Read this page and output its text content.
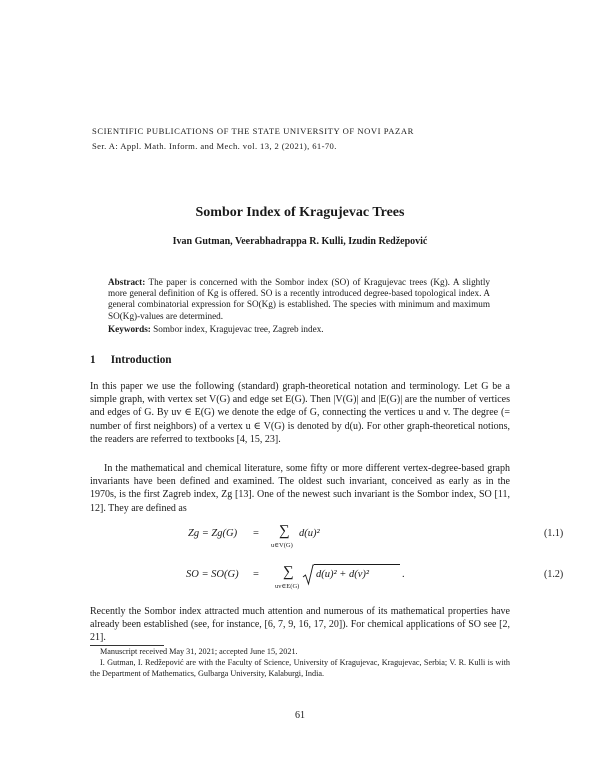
SCIENTIFIC PUBLICATIONS OF THE STATE UNIVERSITY OF NOVI PAZAR
Ser. A: Appl. Math. Inform. and Mech. vol. 13, 2 (2021), 61-70.
Sombor Index of Kragujevac Trees
Ivan Gutman, Veerabhadrappa R. Kulli, Izudin Redžepović
Abstract: The paper is concerned with the Sombor index (SO) of Kragujevac trees (Kg). A slightly more general definition of Kg is offered. SO is a recently introduced degree-based topological index. A general combinatorial expression for SO(Kg) is established. The species with minimum and maximum SO(Kg)-values are determined.
Keywords: Sombor index, Kragujevac tree, Zagreb index.
1 Introduction
In this paper we use the following (standard) graph-theoretical notation and terminology. Let G be a simple graph, with vertex set V(G) and edge set E(G). Then |V(G)| and |E(G)| are the number of vertices and edges of G. By uv ∈ E(G) we denote the edge of G, connecting the vertices u and v. The degree (= number of first neighbors) of a vertex u ∈ V(G) is denoted by d(u). For other graph-theoretical notions, the readers are referred to textbooks [4, 15, 23].
In the mathematical and chemical literature, some fifty or more different vertex-degree-based graph invariants have been defined and examined. The oldest such invariant, conceived as early as in the 1970s, is the first Zagreb index, Zg [13]. One of the newest such invariant is the Sombor index, SO [11, 12]. They are defined as
Zg = Zg(G) = ∑
u∈V(G)
d(u)²	(1.1)
SO = SO(G) = ∑
uv∈E(G)
d(u)² + d(v)²	.	(1.2)
Recently the Sombor index attracted much attention and numerous of its mathematical properties have already been established (see, for instance, [6, 7, 9, 16, 17, 20]). For chemical applications of SO see [2, 21].
Manuscript received May 31, 2021; accepted June 15, 2021.
I. Gutman, I. Redžepović are with the Faculty of Science, University of Kragujevac, Kragujevac, Serbia; V. R. Kulli is with the Department of Mathematics, Gulbarga University, Kalaburgi, India.
61
